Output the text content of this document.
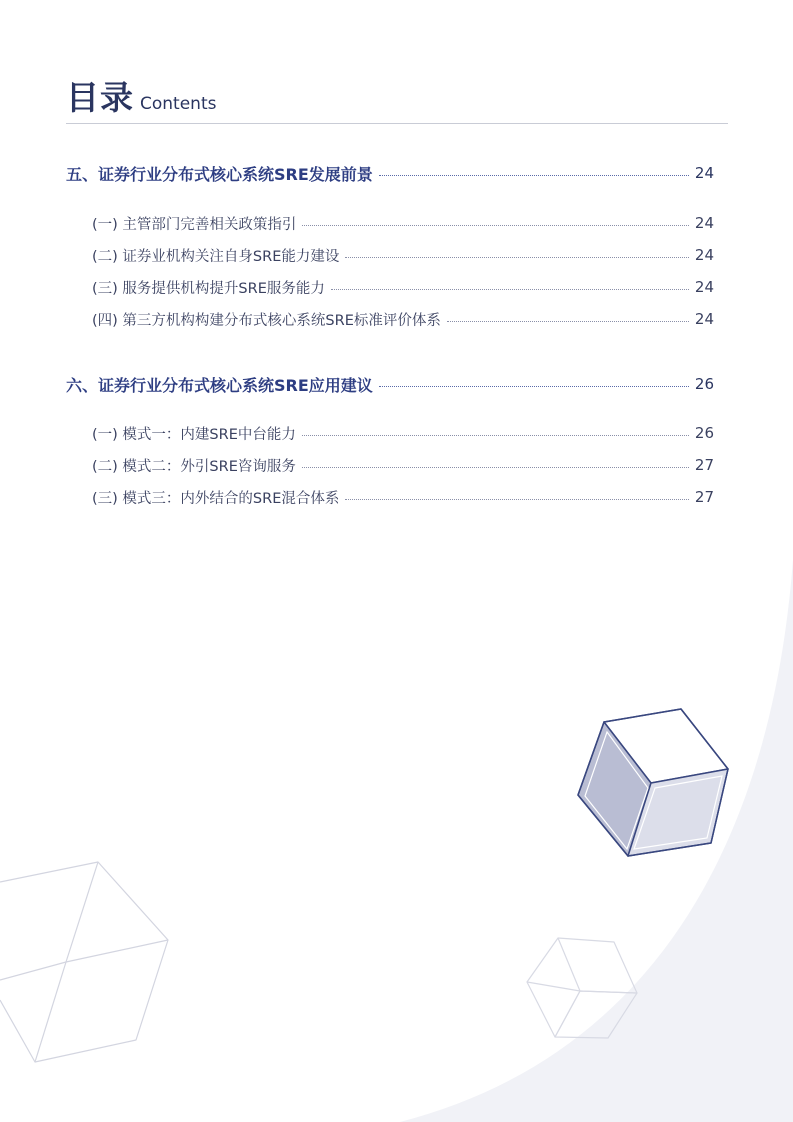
目录 Contents
五、证券行业分布式核心系统SRE发展前景	24
(一) 主管部门完善相关政策指引	24
(二) 证券业机构关注自身SRE能力建设	24
(三) 服务提供机构提升SRE服务能力	24
(四) 第三方机构构建分布式核心系统SRE标准评价体系	24
六、证券行业分布式核心系统SRE应用建议	26
(一) 模式一：内建SRE中台能力	26
(二) 模式二：外引SRE咨询服务	27
(三) 模式三：内外结合的SRE混合体系	27
